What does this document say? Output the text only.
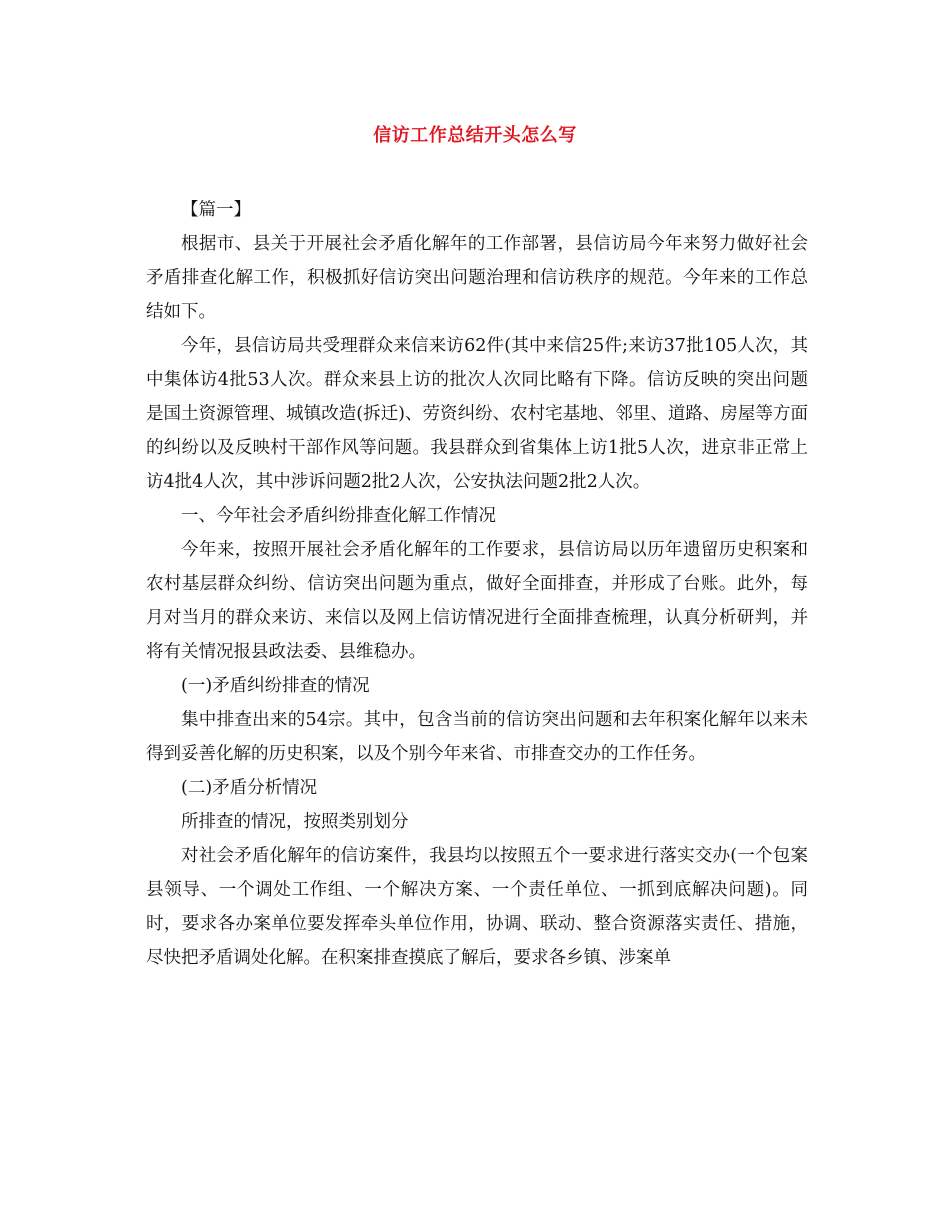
信访工作总结开头怎么写

【篇一】

根据市、县关于开展社会矛盾化解年的工作部署，县信访局今年来努力做好社会矛盾排查化解工作，积极抓好信访突出问题治理和信访秩序的规范。今年来的工作总结如下。

今年，县信访局共受理群众来信来访62件(其中来信25件;来访37批105人次，其中集体访4批53人次。群众来县上访的批次人次同比略有下降。信访反映的突出问题是国土资源管理、城镇改造(拆迁)、劳资纠纷、农村宅基地、邻里、道路、房屋等方面的纠纷以及反映村干部作风等问题。我县群众到省集体上访1批5人次，进京非正常上访4批4人次，其中涉诉问题2批2人次，公安执法问题2批2人次。

一、今年社会矛盾纠纷排查化解工作情况

今年来，按照开展社会矛盾化解年的工作要求，县信访局以历年遗留历史积案和农村基层群众纠纷、信访突出问题为重点，做好全面排查，并形成了台账。此外，每月对当月的群众来访、来信以及网上信访情况进行全面排查梳理，认真分析研判，并将有关情况报县政法委、县维稳办。

(一)矛盾纠纷排查的情况

集中排查出来的54宗。其中，包含当前的信访突出问题和去年积案化解年以来未得到妥善化解的历史积案，以及个别今年来省、市排查交办的工作任务。

(二)矛盾分析情况

所排查的情况，按照类别划分

对社会矛盾化解年的信访案件，我县均以按照五个一要求进行落实交办(一个包案县领导、一个调处工作组、一个解决方案、一个责任单位、一抓到底解决问题)。同时，要求各办案单位要发挥牵头单位作用，协调、联动、整合资源落实责任、措施，尽快把矛盾调处化解。在积案排查摸底了解后，要求各乡镇、涉案单
